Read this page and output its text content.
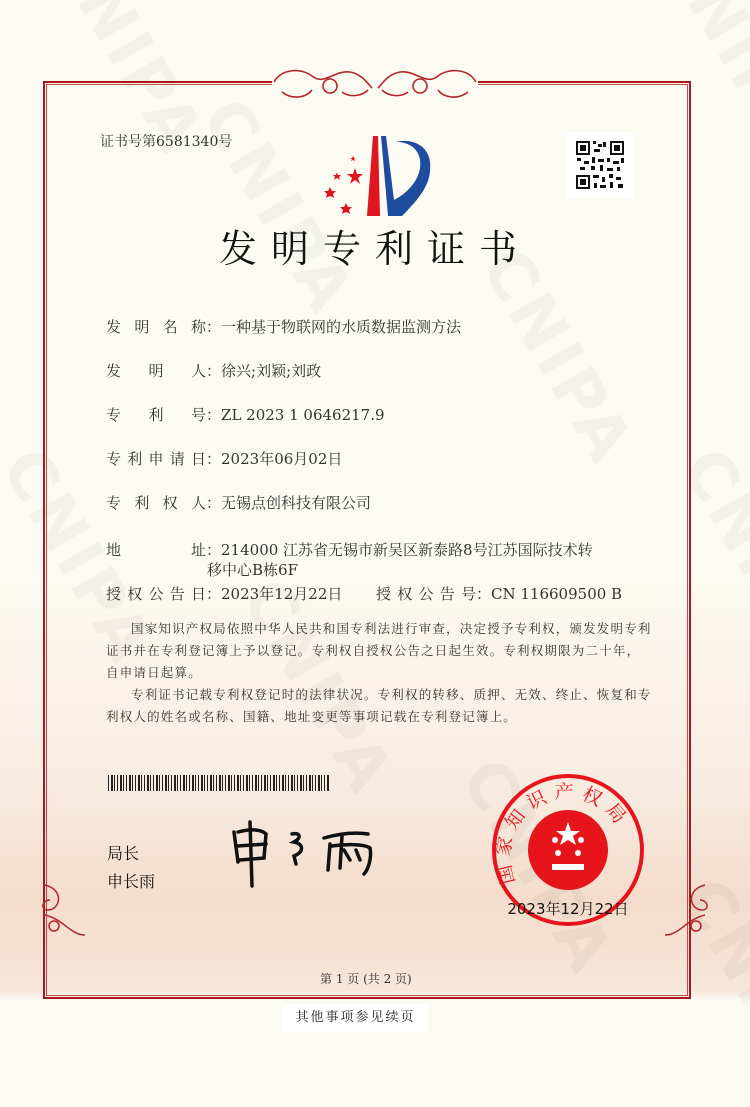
证书号第6581340号
发明专利证书
发明名称：一种基于物联网的水质数据监测方法
发明人：徐兴;刘颖;刘政
专利号：ZL 2023 1 0646217.9
专利申请日：2023年06月02日
专利权人：无锡点创科技有限公司
地址：214000 江苏省无锡市新吴区新泰路8号江苏国际技术转
移中心B栋6F
授权公告日：2023年12月22日 授权公告号：CN 116609500 B
国家知识产权局依照中华人民共和国专利法进行审查，决定授予专利权，颁发发明专利证书并在专利登记簿上予以登记。专利权自授权公告之日起生效。专利权期限为二十年，自申请日起算。
专利证书记载专利权登记时的法律状况。专利权的转移、质押、无效、终止、恢复和专利权人的姓名或名称、国籍、地址变更等事项记载在专利登记簿上。
局长
申长雨	国家知识产权局
2023年12月22日
第 1 页 (共 2 页)
其他事项参见续页
